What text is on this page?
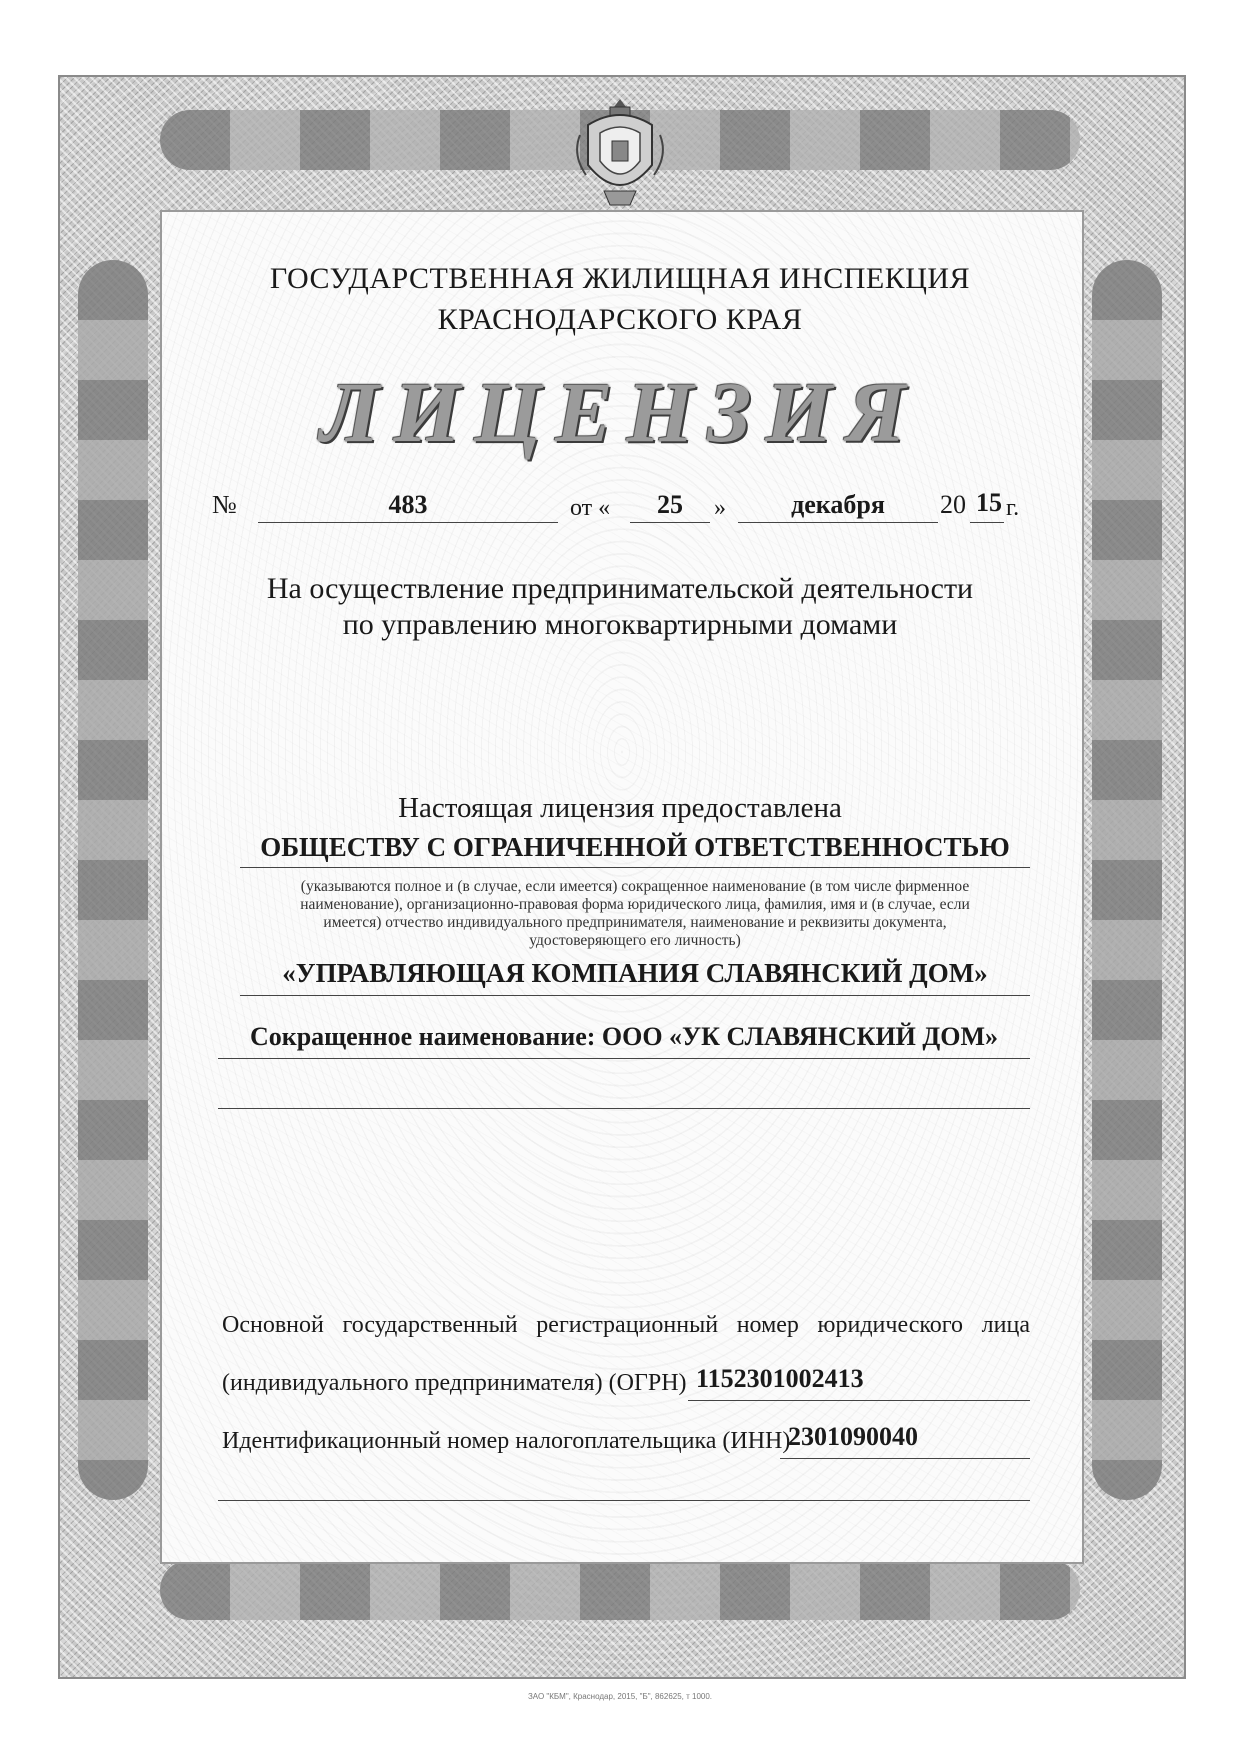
ГОСУДАРСТВЕННАЯ ЖИЛИЩНАЯ ИНСПЕКЦИЯ
КРАСНОДАРСКОГО КРАЯ
ЛИЦЕНЗИЯ
№	483	от «	25	»	декабря	20 15 г.
На осуществление предпринимательской деятельности
по управлению многоквартирными домами
Настоящая лицензия предоставлена
ОБЩЕСТВУ С ОГРАНИЧЕННОЙ ОТВЕТСТВЕННОСТЬЮ
(указываются полное и (в случае, если имеется) сокращенное наименование (в том числе фирменное
наименование), организационно-правовая форма юридического лица, фамилия, имя и (в случае, если
имеется) отчество индивидуального предпринимателя, наименование и реквизиты документа,
удостоверяющего его личность)
«УПРАВЛЯЮЩАЯ КОМПАНИЯ СЛАВЯНСКИЙ ДОМ»
Сокращенное наименование: ООО «УК СЛАВЯНСКИЙ ДОМ»
Основной государственный регистрационный номер юридического лица
(индивидуального предпринимателя) (ОГРН) 1152301002413
Идентификационный номер налогоплательщика (ИНН)
2301090040
ЗАО "КБМ", Краснодар, 2015, "Б", 862625, т 1000.
